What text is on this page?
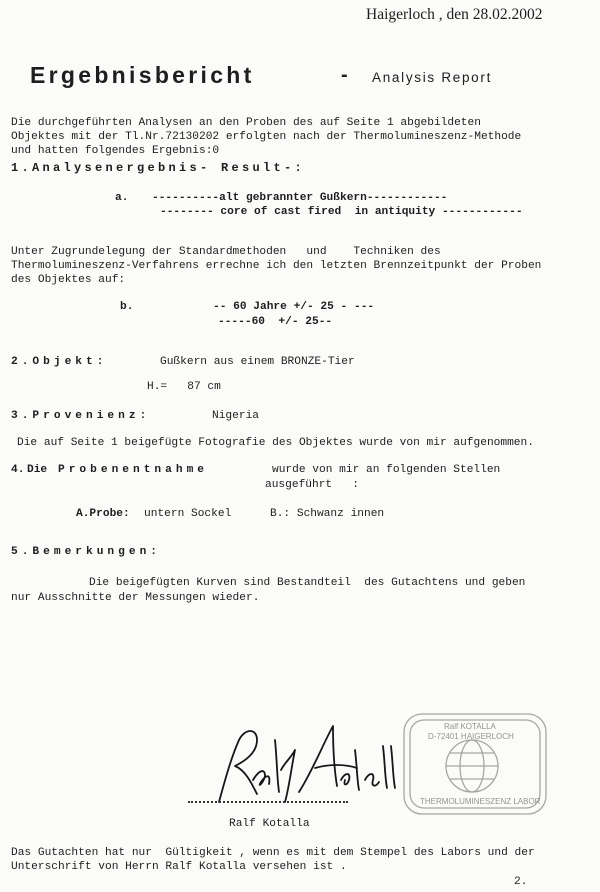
Haigerloch , den 28.02.2002
Ergebnisbericht	- Analysis Report
Die durchgeführten Analysen an den Proben des auf Seite 1 abgebildeten
Objektes mit der Tl.Nr.72130202 erfolgten nach der Thermolumineszenz-Methode
und hatten folgendes Ergebnis:0
1.Analysenergebnis- Result-:
a. ----------alt gebrannter Gußkern------------
-------- core of cast fired  in antiquity ------------
Unter Zugrundelegung der Standardmethoden   und    Techniken des
Thermolumineszenz-Verfahrens errechne ich den letzten Brennzeitpunkt der Proben
des Objektes auf:
b.	-- 60 Jahre +/- 25 - ---
-----60  +/- 25--
2.Objekt:	Gußkern aus einem BRONZE-Tier
H.=   87 cm
3.Provenienz:	Nigeria
Die auf Seite 1 beigefügte Fotografie des Objektes wurde von mir aufgenommen.
4. Die Probenentnahme	wurde von mir an folgenden Stellen
ausgeführt   :
A.Probe: untern Sockel	B.: Schwanz innen
5.Bemerkungen:
Die beigefügten Kurven sind Bestandteil  des Gutachtens und geben
nur Ausschnitte der Messungen wieder.
Ralf KOTALLA
D-72401 HAIGERLOCH
THERMOLUMINESZENZ LABOR
Ralf Kotalla
Das Gutachten hat nur  Gültigkeit , wenn es mit dem Stempel des Labors und der
Unterschrift von Herrn Ralf Kotalla versehen ist .
2.
